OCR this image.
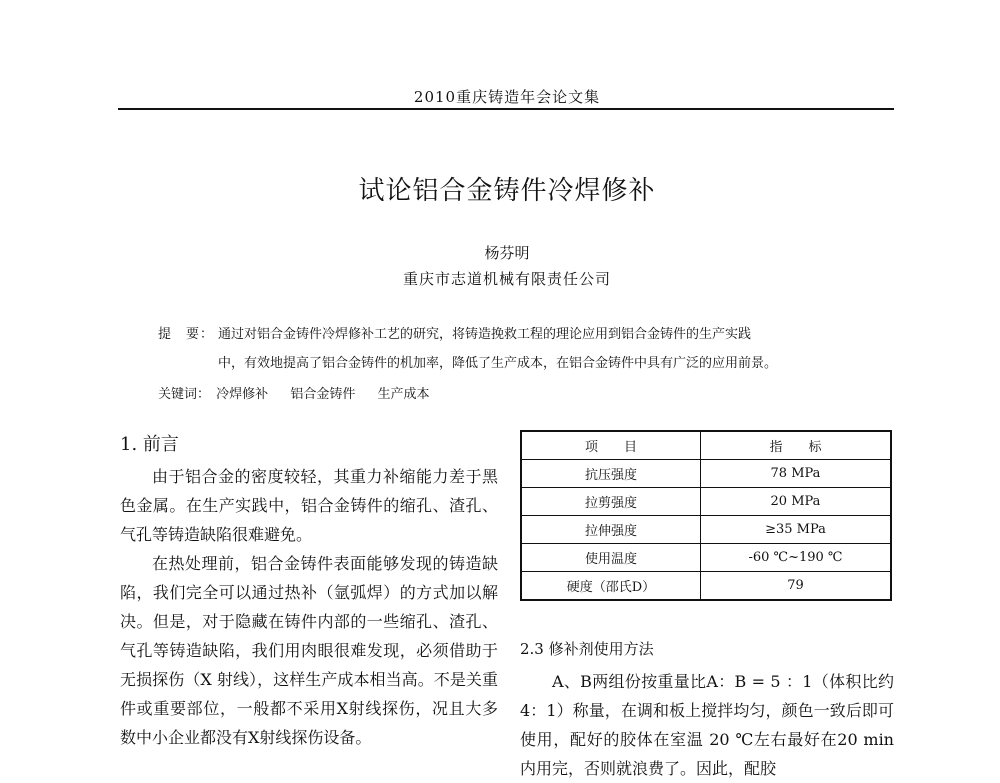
2010重庆铸造年会论文集
试论铝合金铸件冷焊修补
杨芬明
重庆市志道机械有限责任公司
提　要： 通过对铝合金铸件冷焊修补工艺的研究，将铸造挽救工程的理论应用到铝合金铸件的生产实践
中，有效地提高了铝合金铸件的机加率，降低了生产成本，在铝合金铸件中具有广泛的应用前景。
关键词： 冷焊修补 铝合金铸件 生产成本
1. 前言

由于铝合金的密度较轻，其重力补缩能力差于黑色金属。在生产实践中，铝合金铸件的缩孔、渣孔、气孔等铸造缺陷很难避免。

在热处理前，铝合金铸件表面能够发现的铸造缺陷，我们完全可以通过热补（氩弧焊）的方式加以解决。但是，对于隐藏在铸件内部的一些缩孔、渣孔、气孔等铸造缺陷，我们用肉眼很难发现，必须借助于无损探伤（X 射线），这样生产成本相当高。不是关重件或重要部位，一般都不采用X射线探伤，况且大多数中小企业都没有X射线探伤设备。

项　　目	指　　标
抗压强度	78 MPa
拉剪强度	20 MPa
拉伸强度	≥35 MPa
使用温度	-60 ℃~190 ℃
硬度（邵氏D）	79
2.3 修补剂使用方法

A、B两组份按重量比A：B = 5 ：1（体积比约4：1）称量，在调和板上搅拌均匀，颜色一致后即可使用，配好的胶体在室温 20 ℃左右最好在20 min内用完，否则就浪费了。因此，配胶
